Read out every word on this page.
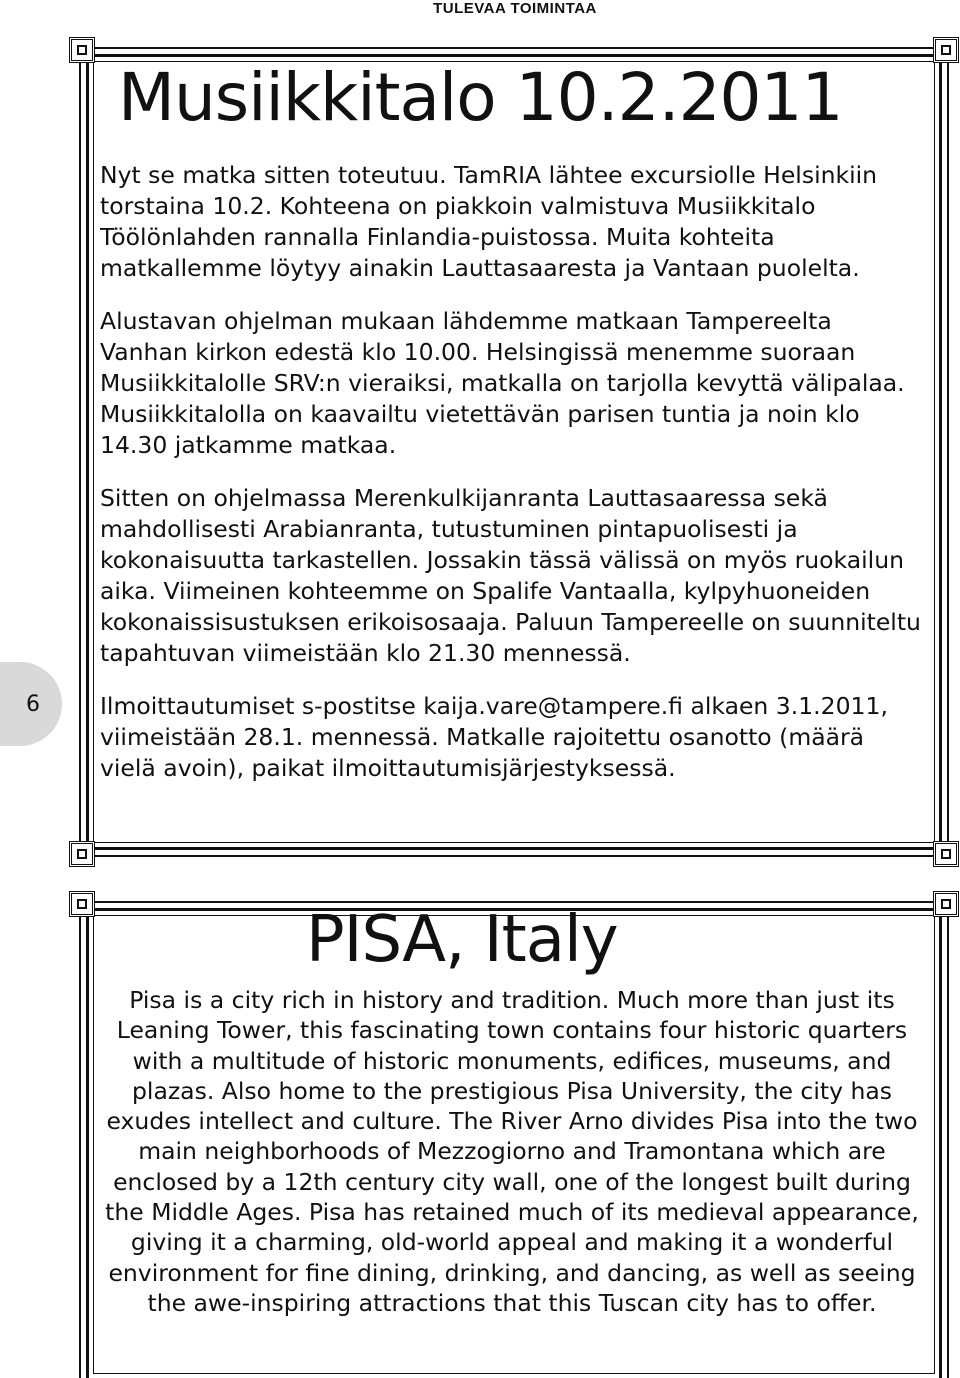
TULEVAA TOIMINTAA
Musiikkitalo 10.2.2011

Nyt se matka sitten toteutuu. TamRIA lähtee excursiolle Helsinkiin torstaina 10.2. Kohteena on piakkoin valmistuva Musiikkitalo Töölönlahden rannalla Finlandia-puistossa. Muita kohteita matkallemme löytyy ainakin Lauttasaaresta ja Vantaan puolelta.

Alustavan ohjelman mukaan lähdemme matkaan Tampereelta Vanhan kirkon edestä klo 10.00. Helsingissä menemme suoraan Musiikkitalolle SRV:n vieraiksi, matkalla on tarjolla kevyttä välipalaa. Musiikkitalolla on kaavailtu vietettävän parisen tuntia ja noin klo 14.30 jatkamme matkaa.

Sitten on ohjelmassa Merenkulkijanranta Lauttasaaressa sekä mahdollisesti Arabianranta, tutustuminen pintapuolisesti ja kokonaisuutta tarkastellen. Jossakin tässä välissä on myös ruokailun aika. Viimeinen kohteemme on Spalife Vantaalla, kylpyhuoneiden kokonaissisustuksen erikoisosaaja. Paluun Tampereelle on suunniteltu tapahtuvan viimeistään klo 21.30 mennessä.

Ilmoittautumiset s-postitse kaija.vare@tampere.fi alkaen 3.1.2011, viimeistään 28.1. mennessä. Matkalle rajoitettu osanotto (määrä vielä avoin), paikat ilmoittautumisjärjestyksessä.

6
PISA, Italy

Pisa is a city rich in history and tradition. Much more than just its Leaning Tower, this fascinating town contains four historic quarters with a multitude of historic monuments, edifices, museums, and plazas. Also home to the prestigious Pisa University, the city has exudes intellect and culture. The River Arno divides Pisa into the two main neighborhoods of Mezzogiorno and Tramontana which are enclosed by a 12th century city wall, one of the longest built during the Middle Ages. Pisa has retained much of its medieval appearance, giving it a charming, old-world appeal and making it a wonderful environment for fine dining, drinking, and dancing, as well as seeing the awe-inspiring attractions that this Tuscan city has to offer.
